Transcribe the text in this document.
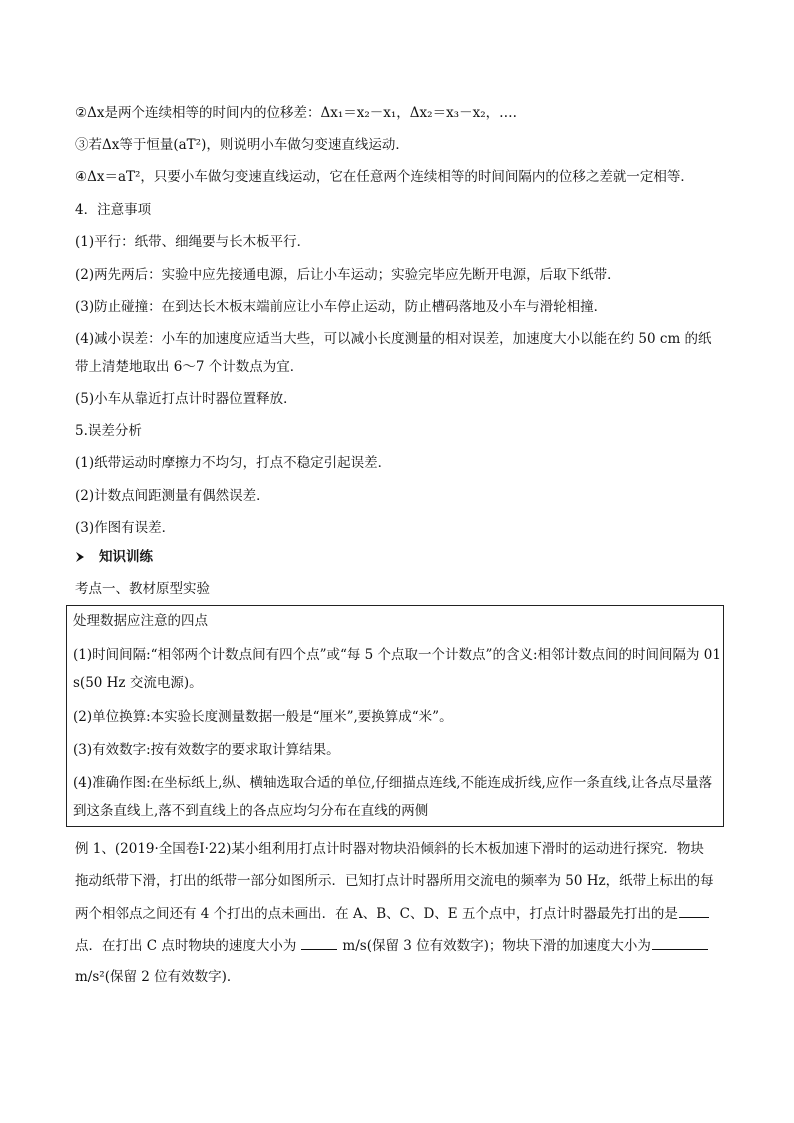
②Δx是两个连续相等的时间内的位移差：Δx₁＝x₂－x₁，Δx₂＝x₃－x₂，….
③若Δx等于恒量(aT²)，则说明小车做匀变速直线运动．
④Δx＝aT²，只要小车做匀变速直线运动，它在任意两个连续相等的时间间隔内的位移之差就一定相等．
4．注意事项
(1)平行：纸带、细绳要与长木板平行．
(2)两先两后：实验中应先接通电源，后让小车运动；实验完毕应先断开电源，后取下纸带．
(3)防止碰撞：在到达长木板末端前应让小车停止运动，防止槽码落地及小车与滑轮相撞．
(4)减小误差：小车的加速度应适当大些，可以减小长度测量的相对误差，加速度大小以能在约 50 cm 的纸
带上清楚地取出 6～7 个计数点为宜．
(5)小车从靠近打点计时器位置释放．
5.误差分析
(1)纸带运动时摩擦力不均匀，打点不稳定引起误差．
(2)计数点间距测量有偶然误差．
(3)作图有误差．
知识训练
考点一、教材原型实验
处理数据应注意的四点
(1)时间间隔:“相邻两个计数点间有四个点”或“每 5 个点取一个计数点”的含义:相邻计数点间的时间间隔为 01
s(50 Hz 交流电源)。
(2)单位换算:本实验长度测量数据一般是“厘米”,要换算成“米”。
(3)有效数字:按有效数字的要求取计算结果。
(4)准确作图:在坐标纸上,纵、横轴选取合适的单位,仔细描点连线,不能连成折线,应作一条直线,让各点尽量落
到这条直线上,落不到直线上的各点应均匀分布在直线的两侧
例 1、(2019·全国卷Ⅰ·22)某小组利用打点计时器对物块沿倾斜的长木板加速下滑时的运动进行探究．物块
拖动纸带下滑，打出的纸带一部分如图所示．已知打点计时器所用交流电的频率为 50 Hz，纸带上标出的每
两个相邻点之间还有 4 个打出的点未画出．在 A、B、C、D、E 五个点中，打点计时器最先打出的是
点．在打出 C 点时物块的速度大小为	m/s(保留 3 位有效数字)；物块下滑的加速度大小为
m/s²(保留 2 位有效数字)．
